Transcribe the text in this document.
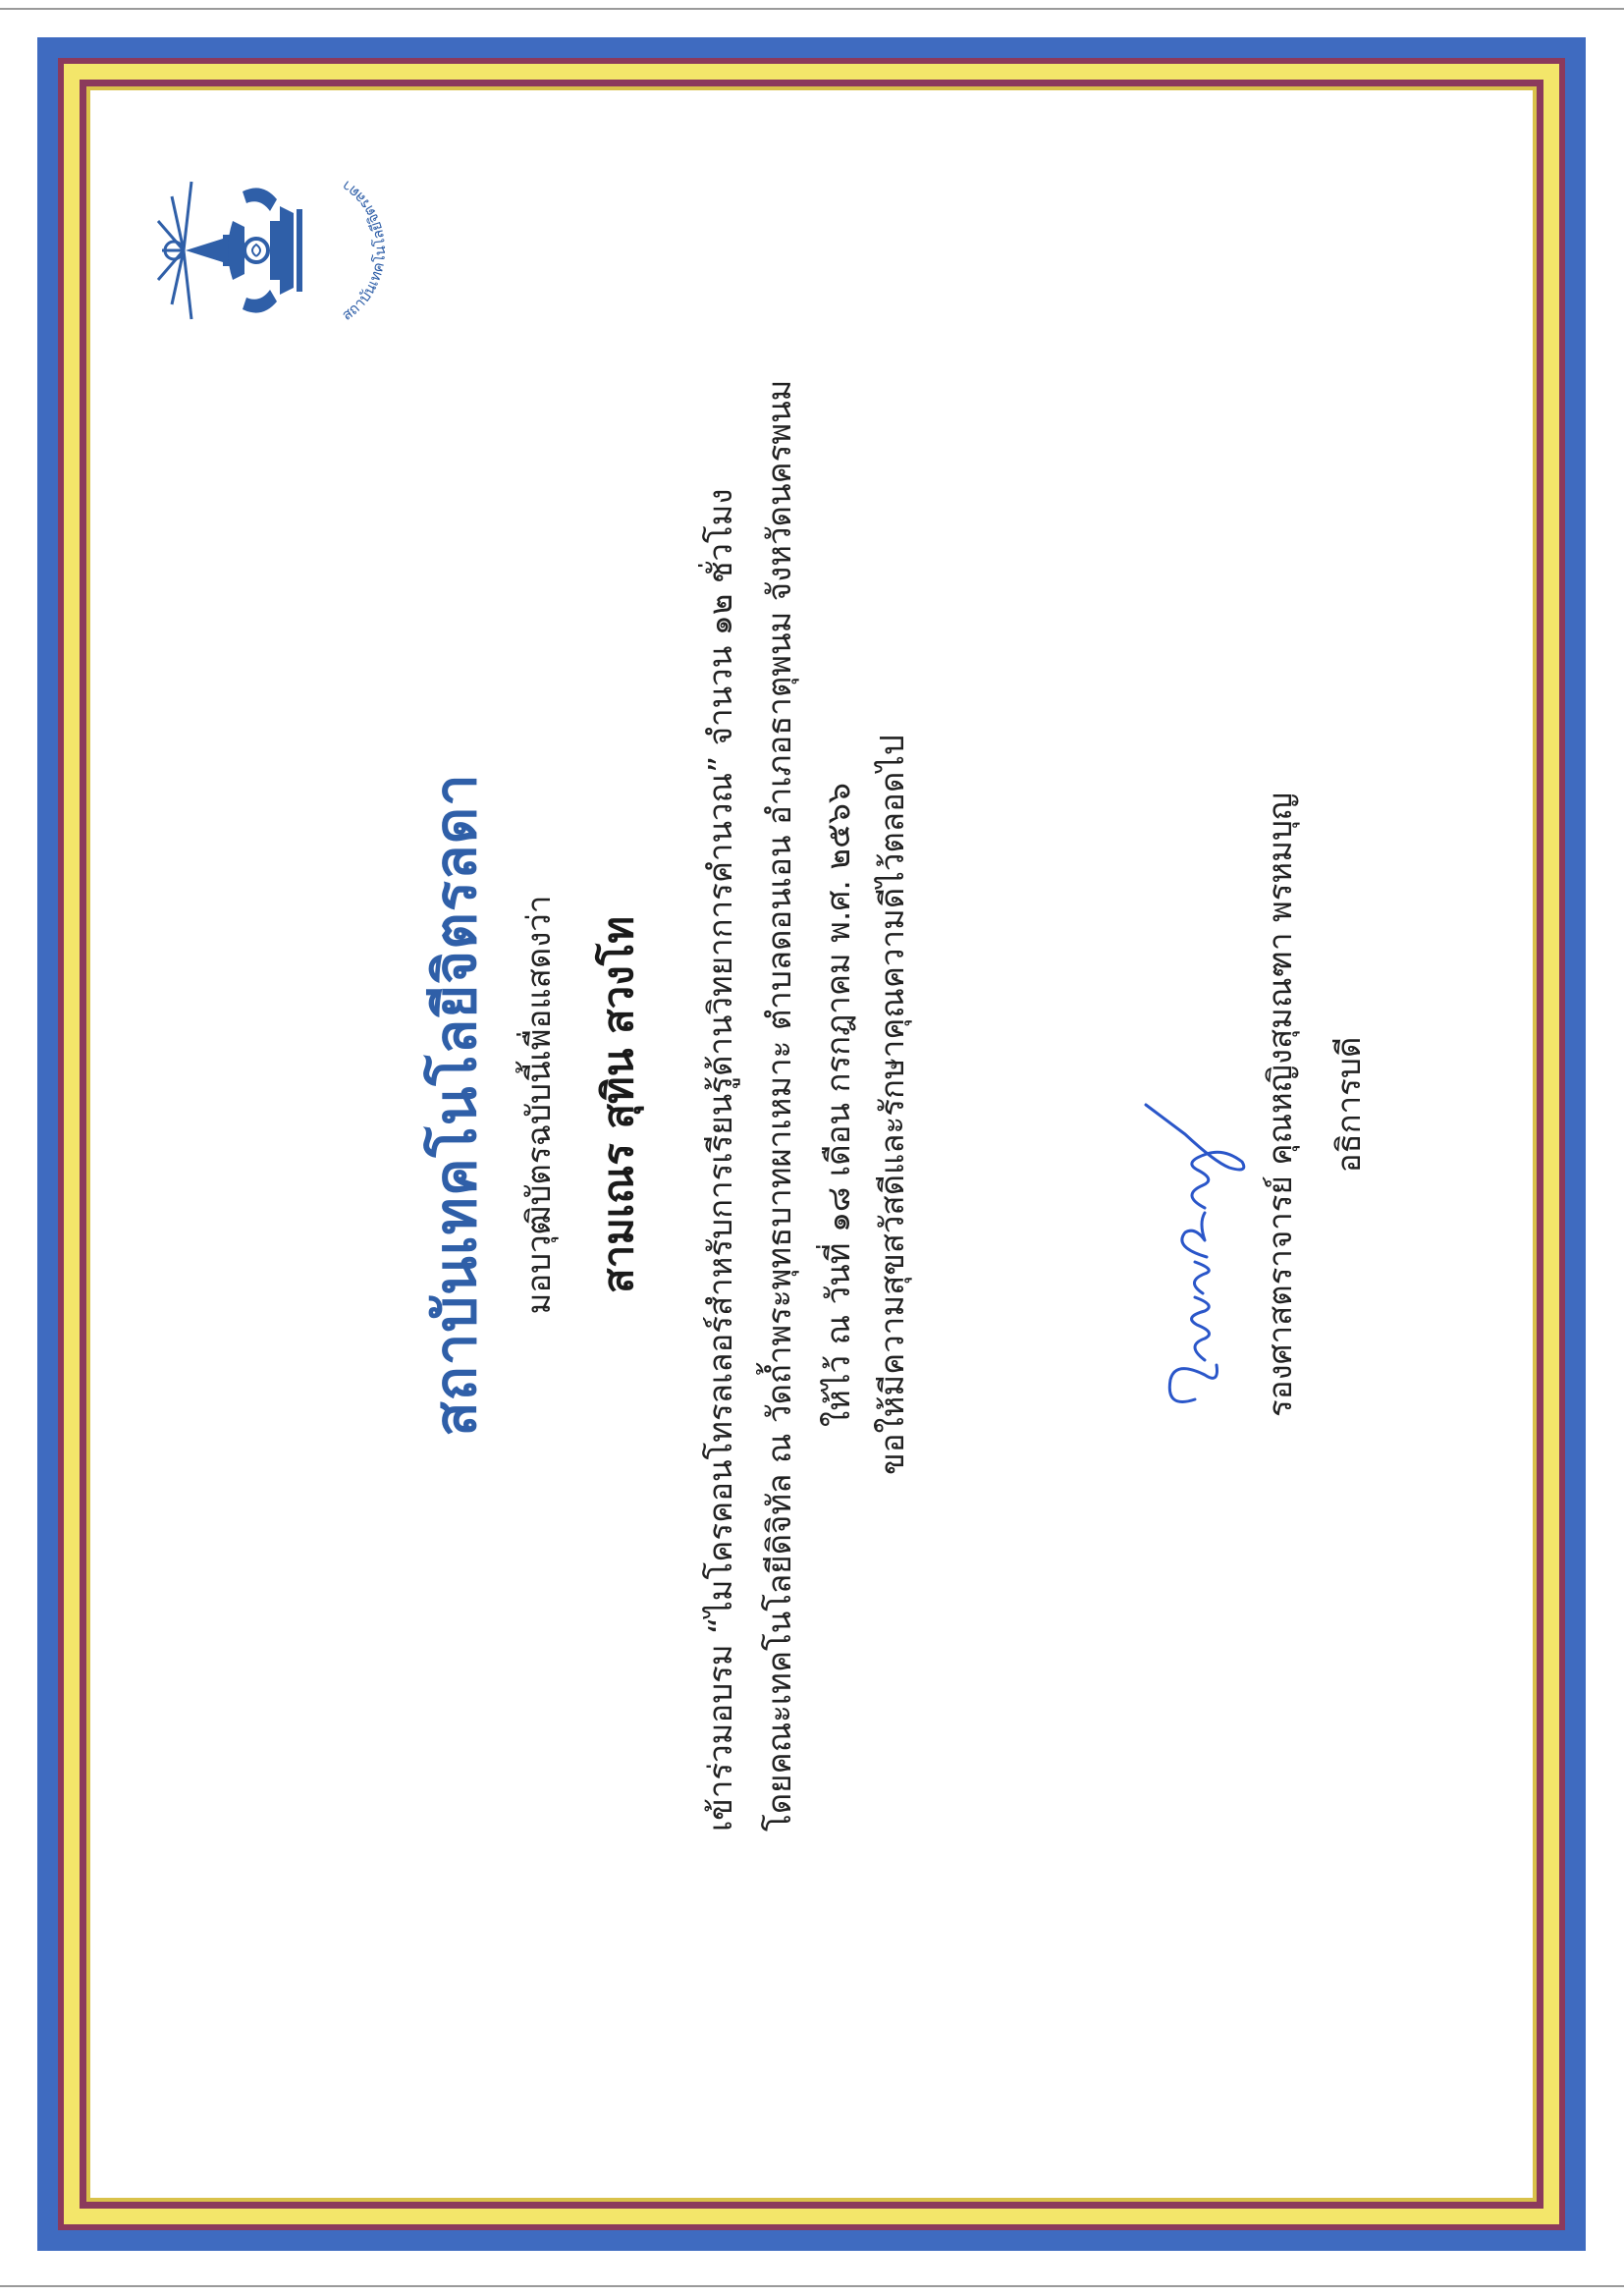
สถาบันเทคโนโลยีจิตรลดา
สถาบันเทคโนโลยีจิตรลดา มอบวุฒิบัตรฉบับนี้เพื่อแสดงว่า สามเณร สุทิน สวงโท เข้าร่วมอบรม “ไมโครคอนโทรลเลอร์สำหรับการเรียนรู้ด้านวิทยาการคำนวณ” จำนวน ๑๒ ชั่วโมง โดยคณะเทคโนโลยีดิจิทัล ณ วัดถ้ำพระพุทธบาทผาเหมาะ ตำบลดอนเอน อำเภอธาตุพนม จังหวัดนครพนม ให้ไว้ ณ วันที่ ๑๘ เดือน กรกฎาคม พ.ศ. ๒๕๖๖ ขอให้มีความสุขสวัสดีและรักษาคุณความดีไว้ตลอดไป	รองศาสตราจารย์ คุณหญิงสุมณฑา พรหมบุญ อธิการบดี
